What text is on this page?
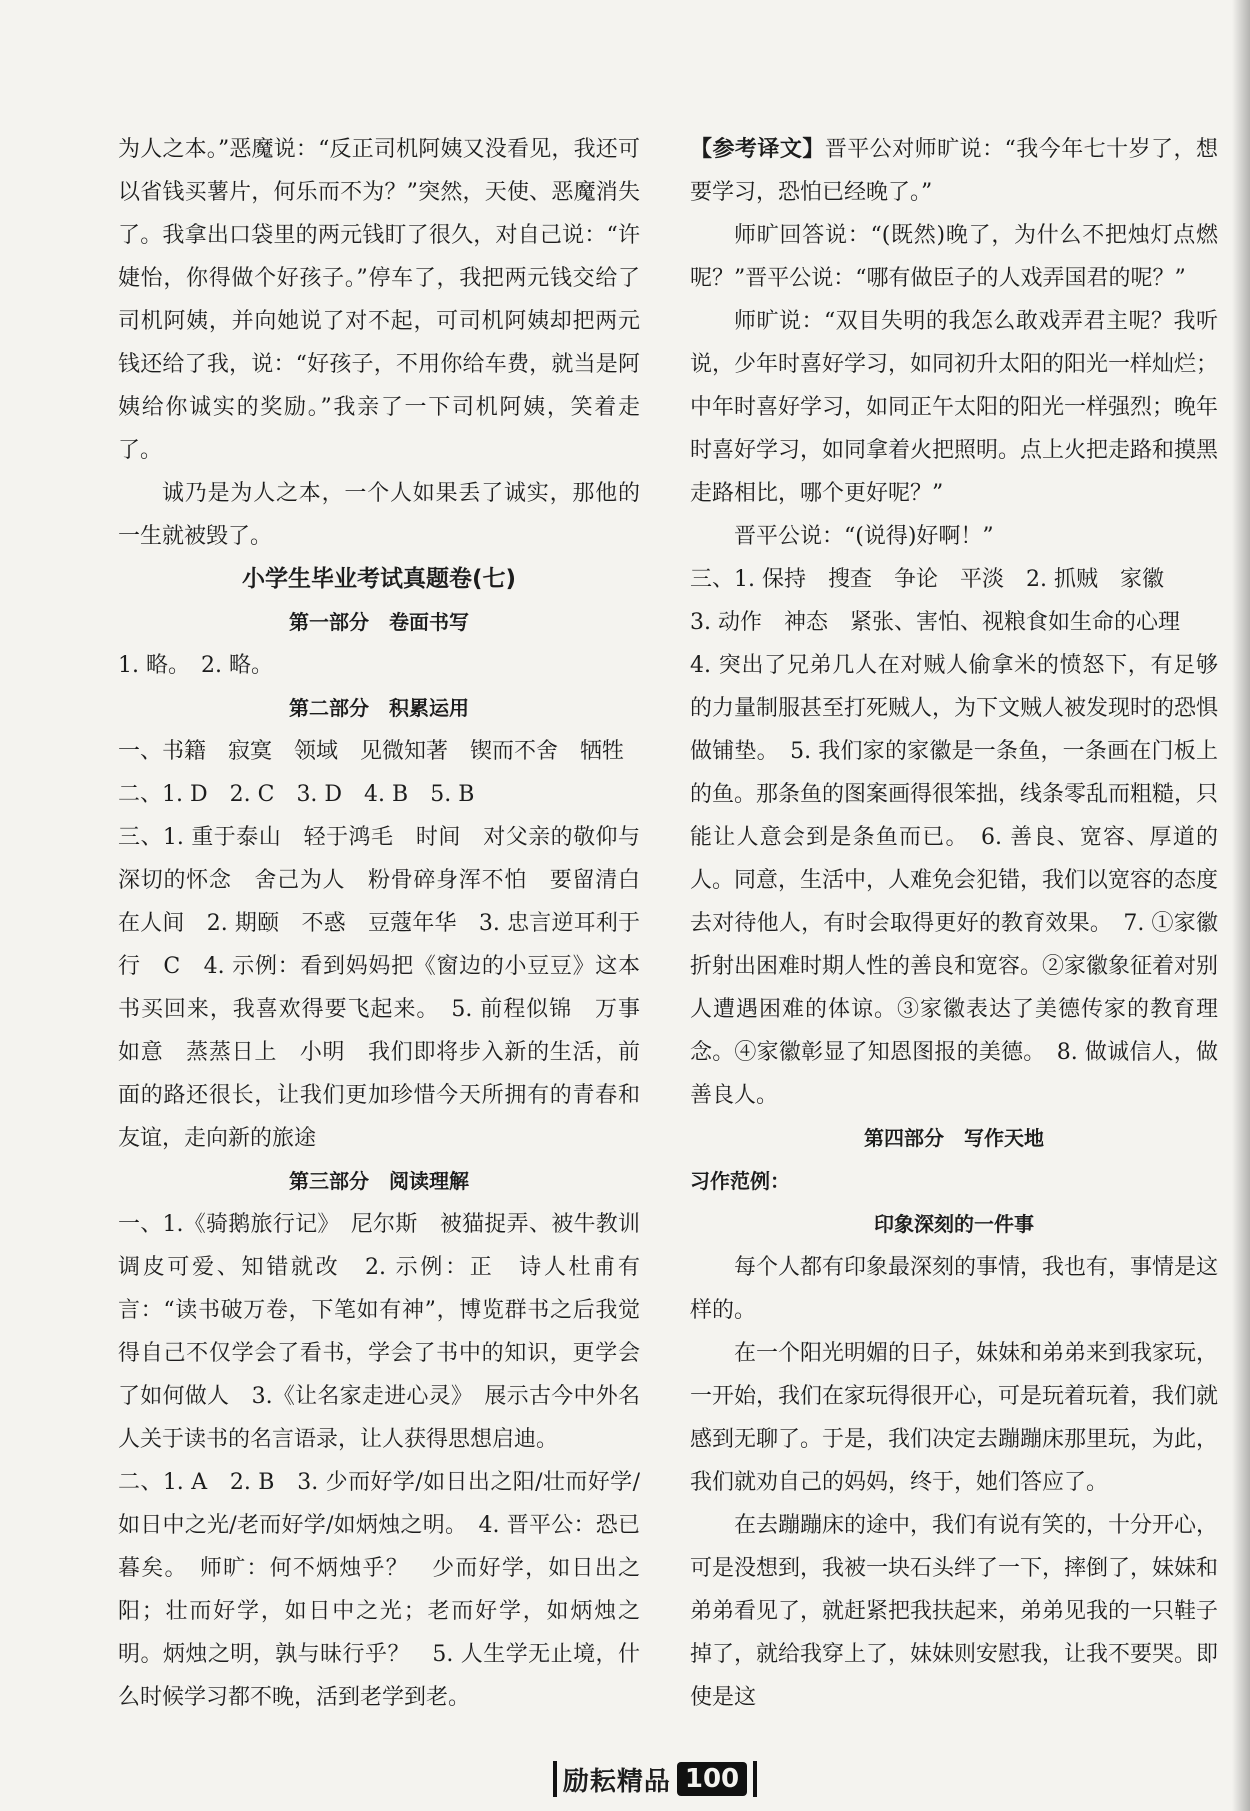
为人之本。”恶魔说：“反正司机阿姨又没看见，我还可以省钱买薯片，何乐而不为？”突然，天使、恶魔消失了。我拿出口袋里的两元钱盯了很久，对自己说：“许婕怡，你得做个好孩子。”停车了，我把两元钱交给了司机阿姨，并向她说了对不起，可司机阿姨却把两元钱还给了我，说：“好孩子，不用你给车费，就当是阿姨给你诚实的奖励。”我亲了一下司机阿姨，笑着走了。

诚乃是为人之本，一个人如果丢了诚实，那他的一生就被毁了。

小学生毕业考试真题卷(七)

第一部分　卷面书写

1. 略。　2. 略。

第二部分　积累运用

一、书籍　寂寞　领域　见微知著　锲而不舍　牺牲

二、1. D　2. C　3. D　4. B　5. B

三、1. 重于泰山　轻于鸿毛　时间　对父亲的敬仰与深切的怀念　舍己为人　粉骨碎身浑不怕　要留清白在人间　2. 期颐　不惑　豆蔻年华　3. 忠言逆耳利于行　C　4. 示例：看到妈妈把《窗边的小豆豆》这本书买回来，我喜欢得要飞起来。　5. 前程似锦　万事如意　蒸蒸日上　小明　我们即将步入新的生活，前面的路还很长，让我们更加珍惜今天所拥有的青春和友谊，走向新的旅途

第三部分　阅读理解

一、1.《骑鹅旅行记》　尼尔斯　被猫捉弄、被牛教训　调皮可爱、知错就改　2. 示例：正　诗人杜甫有言：“读书破万卷，下笔如有神”，博览群书之后我觉得自己不仅学会了看书，学会了书中的知识，更学会了如何做人　3.《让名家走进心灵》　展示古今中外名人关于读书的名言语录，让人获得思想启迪。

二、1. A　2. B　3. 少而好学/如日出之阳/壮而好学/如日中之光/老而好学/如炳烛之明。　4. 晋平公：恐已暮矣。　师旷：何不炳烛乎？　少而好学，如日出之阳；壮而好学，如日中之光；老而好学，如炳烛之明。炳烛之明，孰与昧行乎？　5. 人生学无止境，什么时候学习都不晚，活到老学到老。

【参考译文】晋平公对师旷说：“我今年七十岁了，想要学习，恐怕已经晚了。”

师旷回答说：“(既然)晚了，为什么不把烛灯点燃呢？”晋平公说：“哪有做臣子的人戏弄国君的呢？”

师旷说：“双目失明的我怎么敢戏弄君主呢？我听说，少年时喜好学习，如同初升太阳的阳光一样灿烂；中年时喜好学习，如同正午太阳的阳光一样强烈；晚年时喜好学习，如同拿着火把照明。点上火把走路和摸黑走路相比，哪个更好呢？”

晋平公说：“(说得)好啊！”

三、1. 保持　搜查　争论　平淡　2. 抓贼　家徽

3. 动作　神态　紧张、害怕、视粮食如生命的心理

4. 突出了兄弟几人在对贼人偷拿米的愤怒下，有足够的力量制服甚至打死贼人，为下文贼人被发现时的恐惧做铺垫。　5. 我们家的家徽是一条鱼，一条画在门板上的鱼。那条鱼的图案画得很笨拙，线条零乱而粗糙，只能让人意会到是条鱼而已。　6. 善良、宽容、厚道的人。同意，生活中，人难免会犯错，我们以宽容的态度去对待他人，有时会取得更好的教育效果。　7. ①家徽折射出困难时期人性的善良和宽容。②家徽象征着对别人遭遇困难的体谅。③家徽表达了美德传家的教育理念。④家徽彰显了知恩图报的美德。　8. 做诚信人，做善良人。

第四部分　写作天地

习作范例：

印象深刻的一件事

每个人都有印象最深刻的事情，我也有，事情是这样的。

在一个阳光明媚的日子，妹妹和弟弟来到我家玩，一开始，我们在家玩得很开心，可是玩着玩着，我们就感到无聊了。于是，我们决定去蹦蹦床那里玩，为此，我们就劝自己的妈妈，终于，她们答应了。

在去蹦蹦床的途中，我们有说有笑的，十分开心，可是没想到，我被一块石头绊了一下，摔倒了，妹妹和弟弟看见了，就赶紧把我扶起来，弟弟见我的一只鞋子掉了，就给我穿上了，妹妹则安慰我，让我不要哭。即使是这

励耘精品 100
